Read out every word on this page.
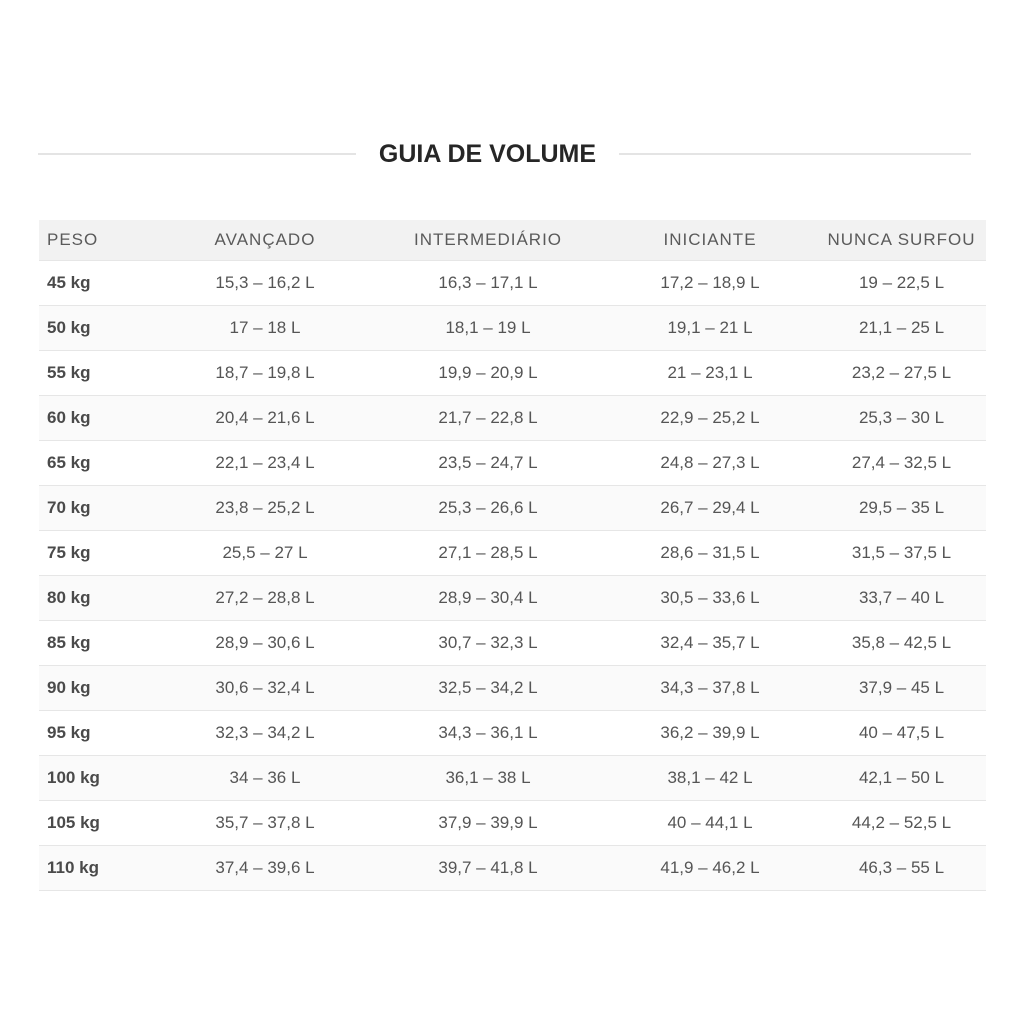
GUIA DE VOLUME
PESO	AVANÇADO	INTERMEDIÁRIO	INICIANTE	NUNCA SURFOU
45 kg	15,3 – 16,2 L	16,3 – 17,1 L	17,2 – 18,9 L	19 – 22,5 L
50 kg	17 – 18 L	18,1 – 19 L	19,1 – 21 L	21,1 – 25 L
55 kg	18,7 – 19,8 L	19,9 – 20,9 L	21 – 23,1 L	23,2 – 27,5 L
60 kg	20,4 – 21,6 L	21,7 – 22,8 L	22,9 – 25,2 L	25,3 – 30 L
65 kg	22,1 – 23,4 L	23,5 – 24,7 L	24,8 – 27,3 L	27,4 – 32,5 L
70 kg	23,8 – 25,2 L	25,3 – 26,6 L	26,7 – 29,4 L	29,5 – 35 L
75 kg	25,5 – 27 L	27,1 – 28,5 L	28,6 – 31,5 L	31,5 – 37,5 L
80 kg	27,2 – 28,8 L	28,9 – 30,4 L	30,5 – 33,6 L	33,7 – 40 L
85 kg	28,9 – 30,6 L	30,7 – 32,3 L	32,4 – 35,7 L	35,8 – 42,5 L
90 kg	30,6 – 32,4 L	32,5 – 34,2 L	34,3 – 37,8 L	37,9 – 45 L
95 kg	32,3 – 34,2 L	34,3 – 36,1 L	36,2 – 39,9 L	40 – 47,5 L
100 kg	34 – 36 L	36,1 – 38 L	38,1 – 42 L	42,1 – 50 L
105 kg	35,7 – 37,8 L	37,9 – 39,9 L	40 – 44,1 L	44,2 – 52,5 L
110 kg	37,4 – 39,6 L	39,7 – 41,8 L	41,9 – 46,2 L	46,3 – 55 L
